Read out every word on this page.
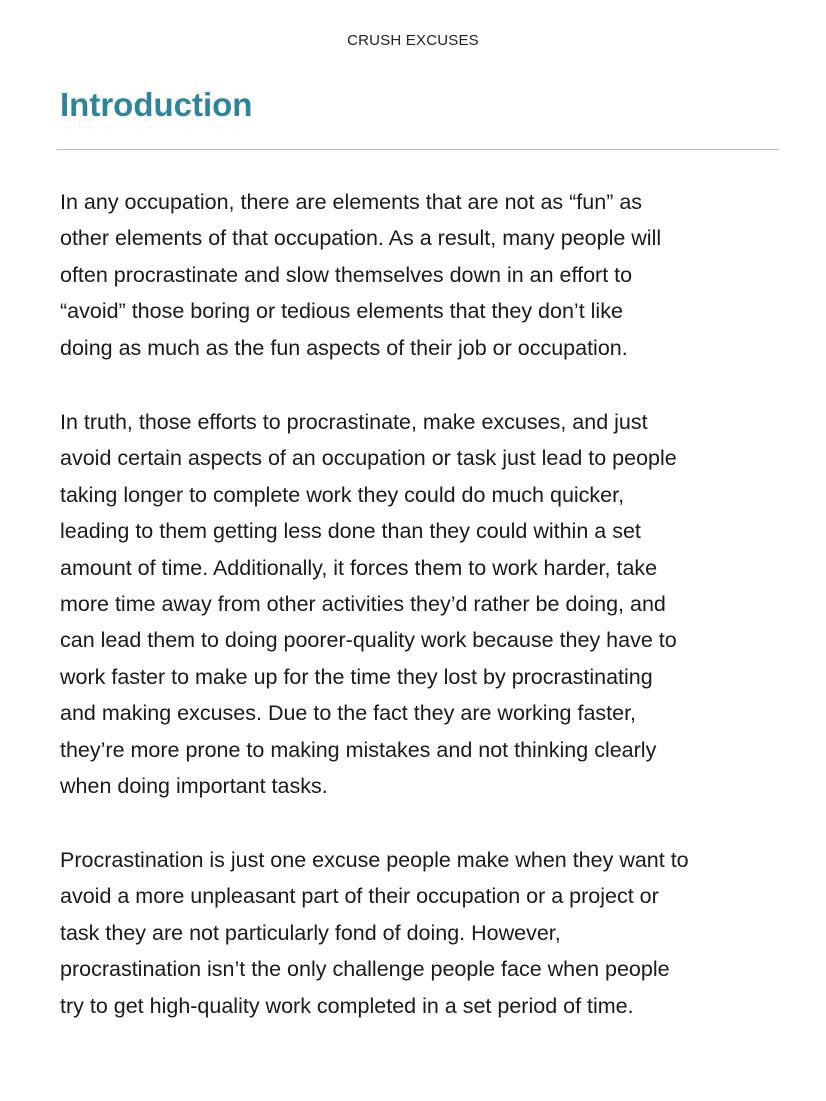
CRUSH EXCUSES
Introduction

In any occupation, there are elements that are not as “fun” as
other elements of that occupation. As a result, many people will
often procrastinate and slow themselves down in an effort to
“avoid” those boring or tedious elements that they don’t like
doing as much as the fun aspects of their job or occupation.

In truth, those efforts to procrastinate, make excuses, and just
avoid certain aspects of an occupation or task just lead to people
taking longer to complete work they could do much quicker,
leading to them getting less done than they could within a set
amount of time. Additionally, it forces them to work harder, take
more time away from other activities they’d rather be doing, and
can lead them to doing poorer-quality work because they have to
work faster to make up for the time they lost by procrastinating
and making excuses. Due to the fact they are working faster,
they’re more prone to making mistakes and not thinking clearly
when doing important tasks.

Procrastination is just one excuse people make when they want to
avoid a more unpleasant part of their occupation or a project or
task they are not particularly fond of doing. However,
procrastination isn’t the only challenge people face when people
try to get high-quality work completed in a set period of time.
